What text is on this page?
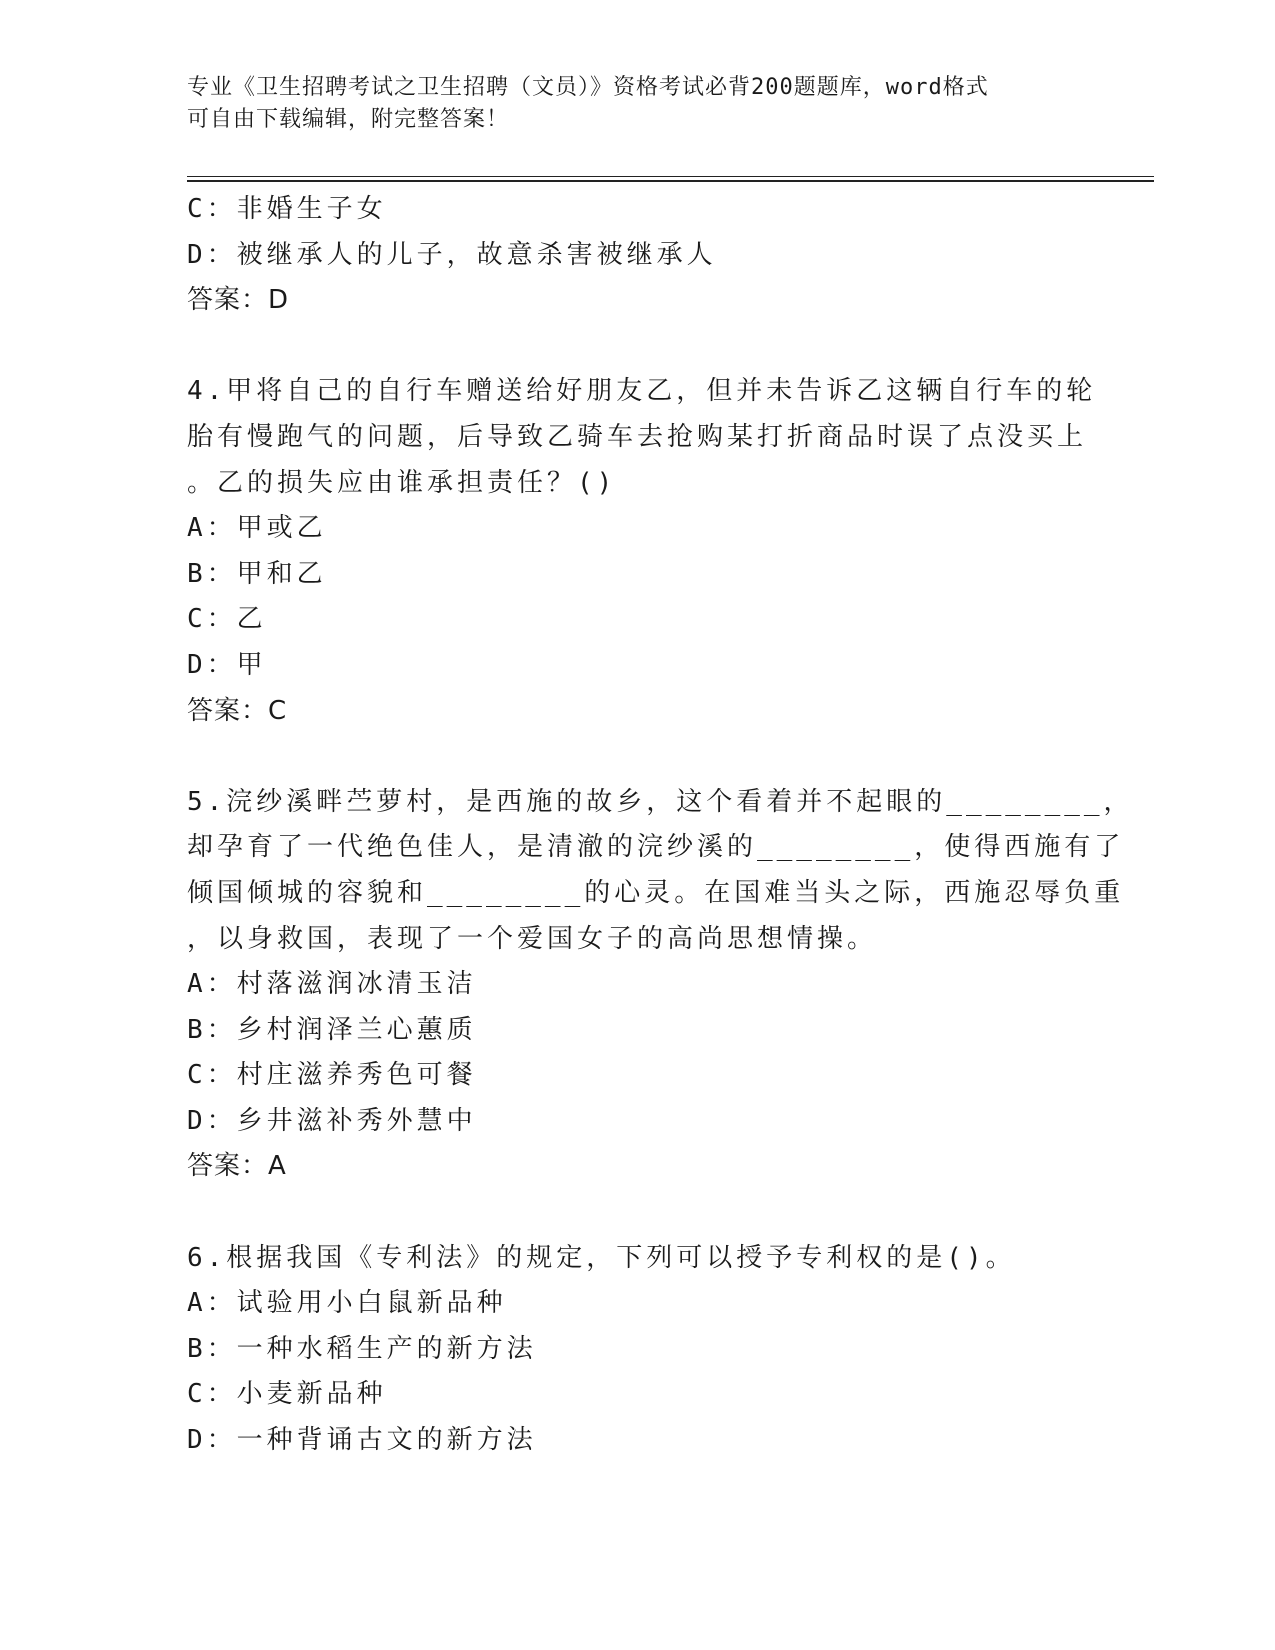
专业《卫生招聘考试之卫生招聘（文员）》资格考试必背200题题库，word格式
可自由下载编辑，附完整答案！

C：非婚生子女

D：被继承人的儿子，故意杀害被继承人

答案：D

4.甲将自己的自行车赠送给好朋友乙，但并未告诉乙这辆自行车的轮

胎有慢跑气的问题，后导致乙骑车去抢购某打折商品时误了点没买上

。乙的损失应由谁承担责任？()

A：甲或乙

B：甲和乙

C：乙

D：甲

答案：C

5.浣纱溪畔苎萝村，是西施的故乡，这个看着并不起眼的________，

却孕育了一代绝色佳人，是清澈的浣纱溪的________，使得西施有了

倾国倾城的容貌和________的心灵。在国难当头之际，西施忍辱负重

，以身救国，表现了一个爱国女子的高尚思想情操。

A：村落滋润冰清玉洁

B：乡村润泽兰心蕙质

C：村庄滋养秀色可餐

D：乡井滋补秀外慧中

答案：A

6.根据我国《专利法》的规定，下列可以授予专利权的是()。

A：试验用小白鼠新品种

B：一种水稻生产的新方法

C：小麦新品种

D：一种背诵古文的新方法
